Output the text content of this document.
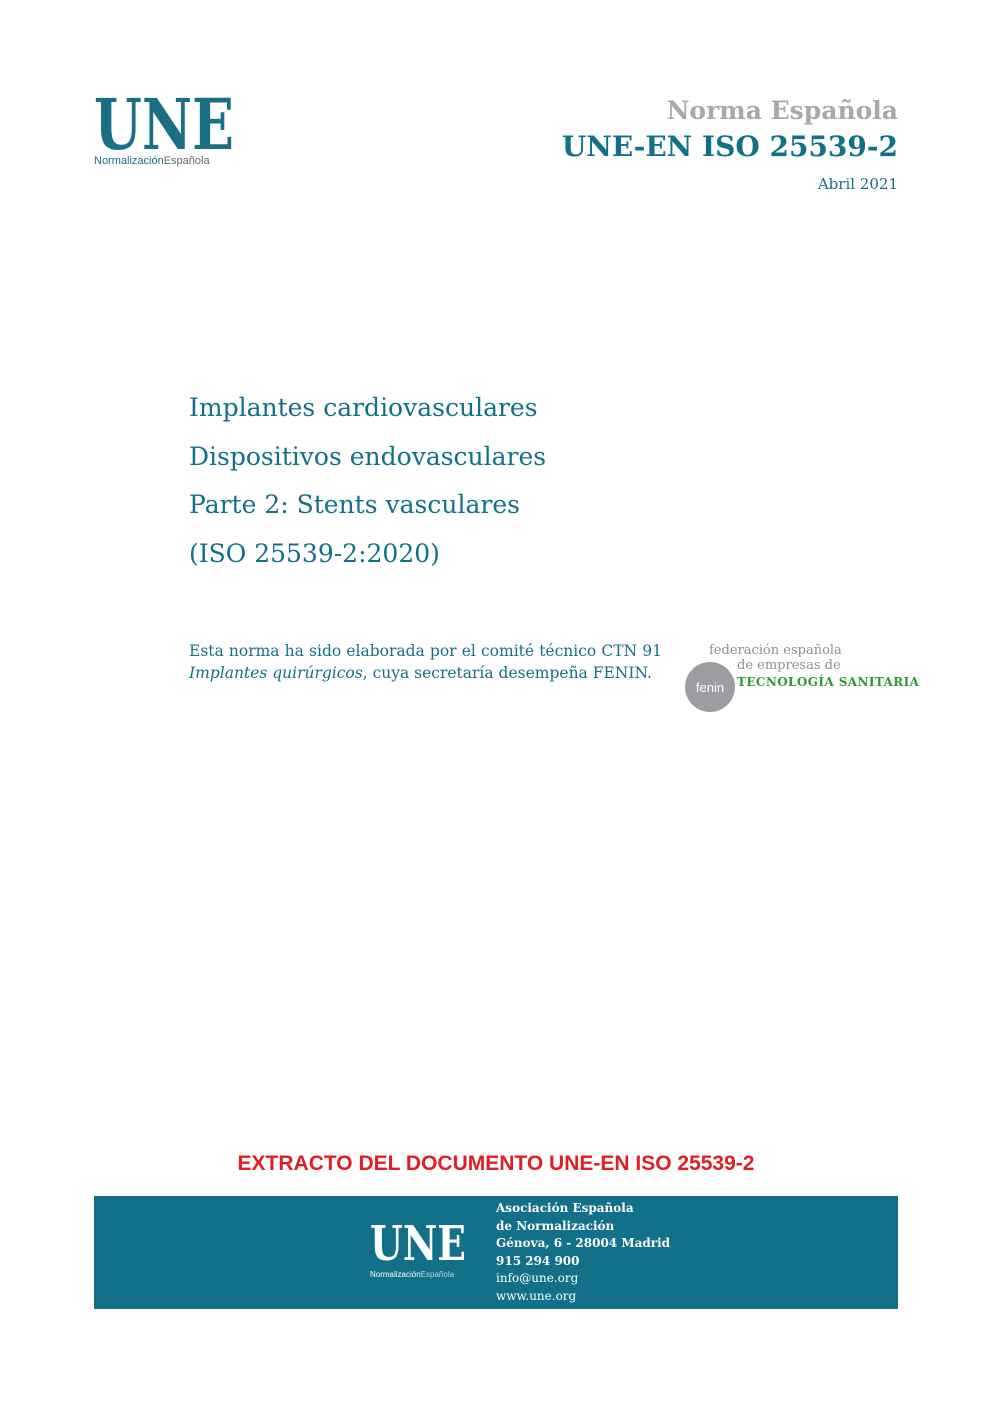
UNE
NormalizaciónEspañola
Norma Española
UNE-EN ISO 25539-2
Abril 2021
Implantes cardiovasculares
Dispositivos endovasculares
Parte 2: Stents vasculares
(ISO 25539-2:2020)
Esta norma ha sido elaborada por el comité técnico CTN 91 Implantes quirúrgicos, cuya secretaría desempeña FENIN.
fenin
federación española
de empresas de
TECNOLOGÍA SANITARIA
EXTRACTO DEL DOCUMENTO UNE-EN ISO 25539-2
UNE
NormalizaciónEspañola
Asociación Española
de Normalización
Génova, 6 - 28004 Madrid
915 294 900
info@une.org
www.une.org
